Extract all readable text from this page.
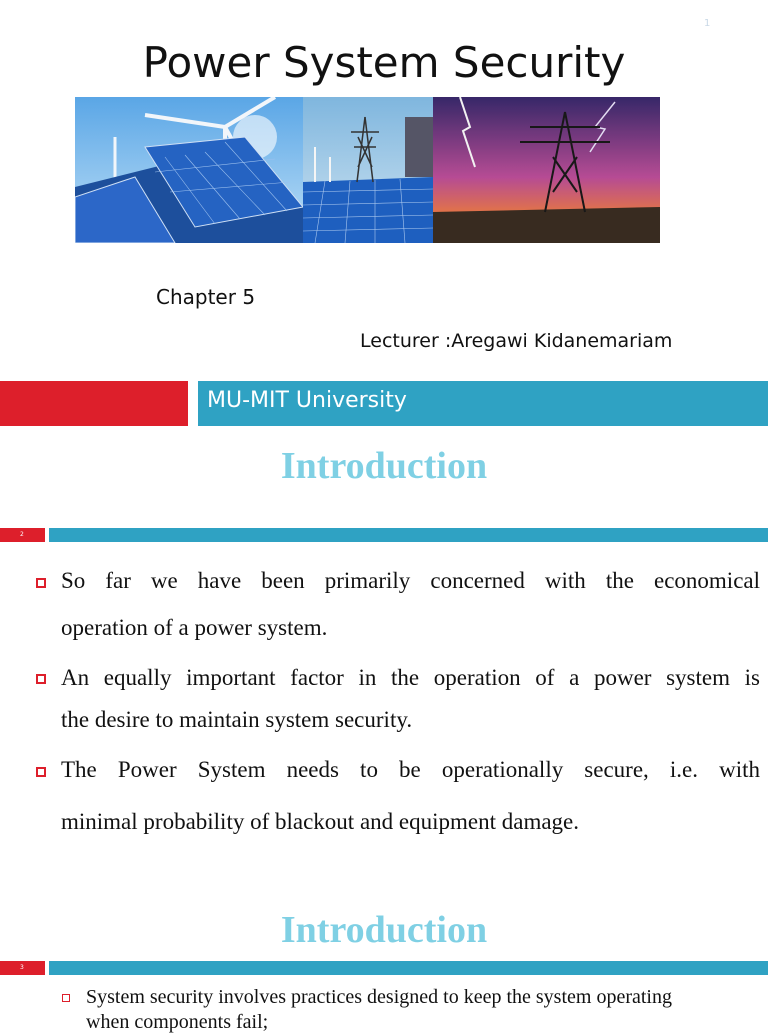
1
Power System Security
Chapter 5
Lecturer :Aregawi Kidanemariam
MU-MIT University
Introduction
2
So far we have been primarily concerned with the economical
operation of a power system.
An equally important factor in the operation of a power system is
the desire to maintain system security.
The Power System needs to be operationally secure, i.e. with
minimal probability of blackout and equipment damage.
Introduction
3
System security involves practices designed to keep the system operating
when components fail;
